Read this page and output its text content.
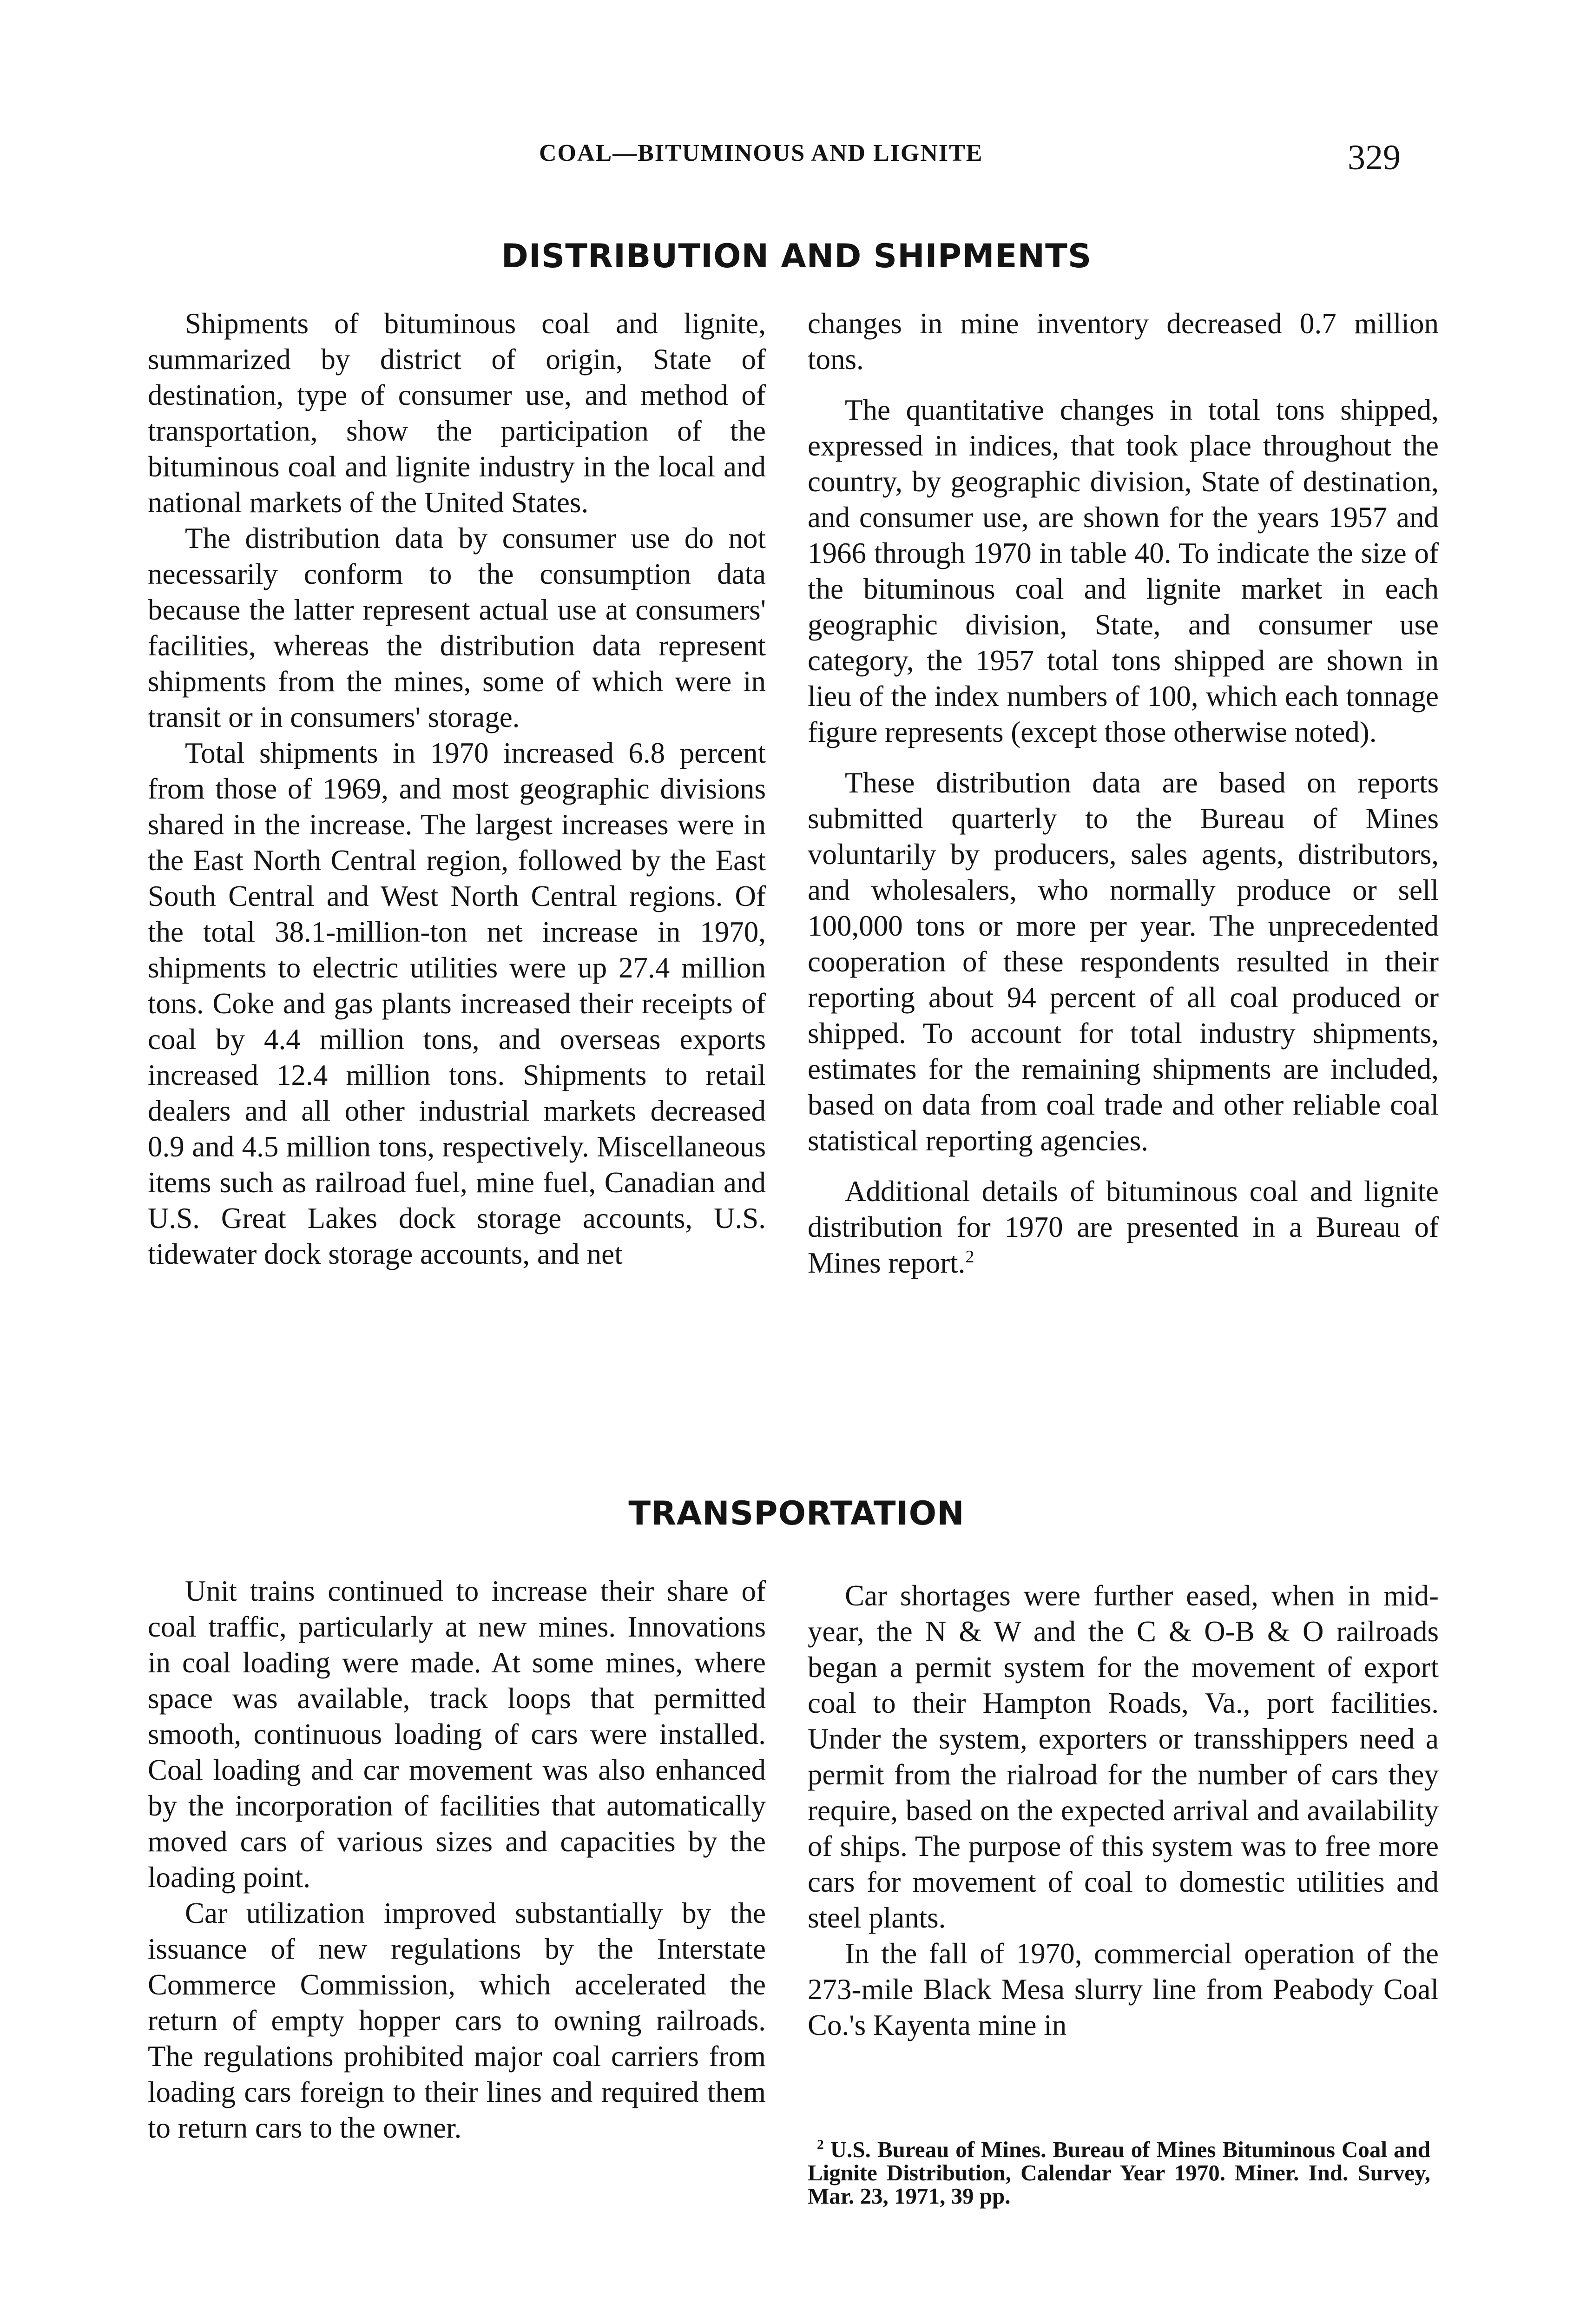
COAL—BITUMINOUS AND LIGNITE	329
DISTRIBUTION AND SHIPMENTS

Shipments of bituminous coal and lignite, summarized by district of origin, State of destination, type of consumer use, and method of transportation, show the participation of the bituminous coal and lignite industry in the local and national markets of the United States.

The distribution data by consumer use do not necessarily conform to the consumption data because the latter represent actual use at consumers' facilities, whereas the distribution data represent shipments from the mines, some of which were in transit or in consumers' storage.

Total shipments in 1970 increased 6.8 percent from those of 1969, and most geographic divisions shared in the increase. The largest increases were in the East North Central region, followed by the East South Central and West North Central regions. Of the total 38.1-million-ton net increase in 1970, shipments to electric utilities were up 27.4 million tons. Coke and gas plants increased their receipts of coal by 4.4 million tons, and overseas exports increased 12.4 million tons. Shipments to retail dealers and all other industrial markets decreased 0.9 and 4.5 million tons, respectively. Miscellaneous items such as railroad fuel, mine fuel, Canadian and U.S. Great Lakes dock storage accounts, U.S. tidewater dock storage accounts, and net

changes in mine inventory decreased 0.7 million tons.

The quantitative changes in total tons shipped, expressed in indices, that took place throughout the country, by geographic division, State of destination, and consumer use, are shown for the years 1957 and 1966 through 1970 in table 40. To indicate the size of the bituminous coal and lignite market in each geographic division, State, and consumer use category, the 1957 total tons shipped are shown in lieu of the index numbers of 100, which each tonnage figure represents (except those otherwise noted).

These distribution data are based on reports submitted quarterly to the Bureau of Mines voluntarily by producers, sales agents, distributors, and wholesalers, who normally produce or sell 100,000 tons or more per year. The unprecedented cooperation of these respondents resulted in their reporting about 94 percent of all coal produced or shipped. To account for total industry shipments, estimates for the remaining shipments are included, based on data from coal trade and other reliable coal statistical reporting agencies.

Additional details of bituminous coal and lignite distribution for 1970 are presented in a Bureau of Mines report.$^2$

TRANSPORTATION

Unit trains continued to increase their share of coal traffic, particularly at new mines. Innovations in coal loading were made. At some mines, where space was available, track loops that permitted smooth, continuous loading of cars were installed. Coal loading and car movement was also enhanced by the incorporation of facilities that automatically moved cars of various sizes and capacities by the loading point.

Car utilization improved substantially by the issuance of new regulations by the Interstate Commerce Commission, which accelerated the return of empty hopper cars to owning railroads. The regulations prohibited major coal carriers from loading cars foreign to their lines and required them to return cars to the owner.

Car shortages were further eased, when in mid-year, the N & W and the C & O-B & O railroads began a permit system for the movement of export coal to their Hampton Roads, Va., port facilities. Under the system, exporters or transshippers need a permit from the rialroad for the number of cars they require, based on the expected arrival and availability of ships. The purpose of this system was to free more cars for movement of coal to domestic utilities and steel plants.

In the fall of 1970, commercial operation of the 273-mile Black Mesa slurry line from Peabody Coal Co.'s Kayenta mine in

$^2$ U.S. Bureau of Mines. Bureau of Mines Bituminous Coal and Lignite Distribution, Calendar Year 1970. Miner. Ind. Survey, Mar. 23, 1971, 39 pp.
